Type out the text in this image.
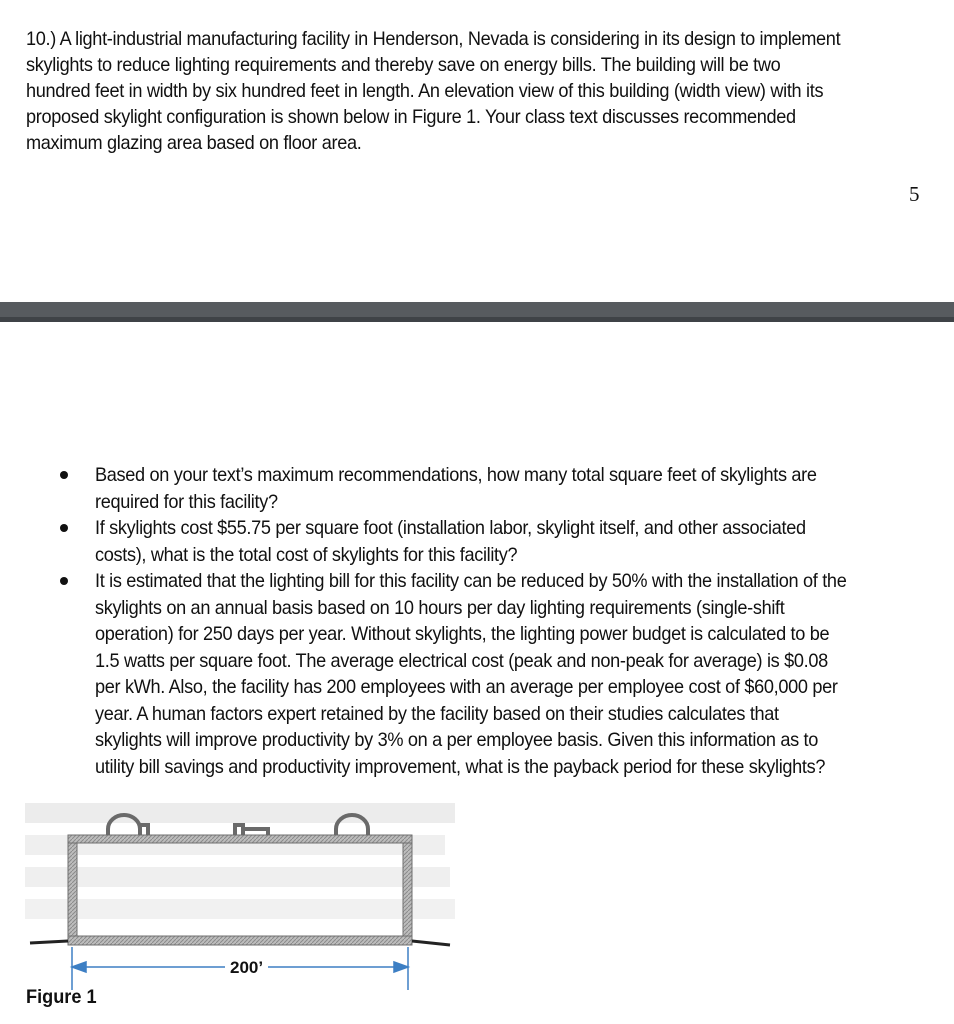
10.) A light-industrial manufacturing facility in Henderson, Nevada is considering in its design to implement
skylights to reduce lighting requirements and thereby save on energy bills. The building will be two
hundred feet in width by six hundred feet in length. An elevation view of this building (width view) with its
proposed skylight configuration is shown below in Figure 1. Your class text discusses recommended
maximum glazing area based on floor area.

5
Based on your text’s maximum recommendations, how many total square feet of skylights are
required for this facility?
If skylights cost $55.75 per square foot (installation labor, skylight itself, and other associated
costs), what is the total cost of skylights for this facility?
It is estimated that the lighting bill for this facility can be reduced by 50% with the installation of the
skylights on an annual basis based on 10 hours per day lighting requirements (single-shift
operation) for 250 days per year. Without skylights, the lighting power budget is calculated to be
1.5 watts per square foot. The average electrical cost (peak and non-peak for average) is $0.08
per kWh. Also, the facility has 200 employees with an average per employee cost of $60,000 per
year. A human factors expert retained by the facility based on their studies calculates that
skylights will improve productivity by 3% on a per employee basis. Given this information as to
utility bill savings and productivity improvement, what is the payback period for these skylights?
200’
Figure 1
